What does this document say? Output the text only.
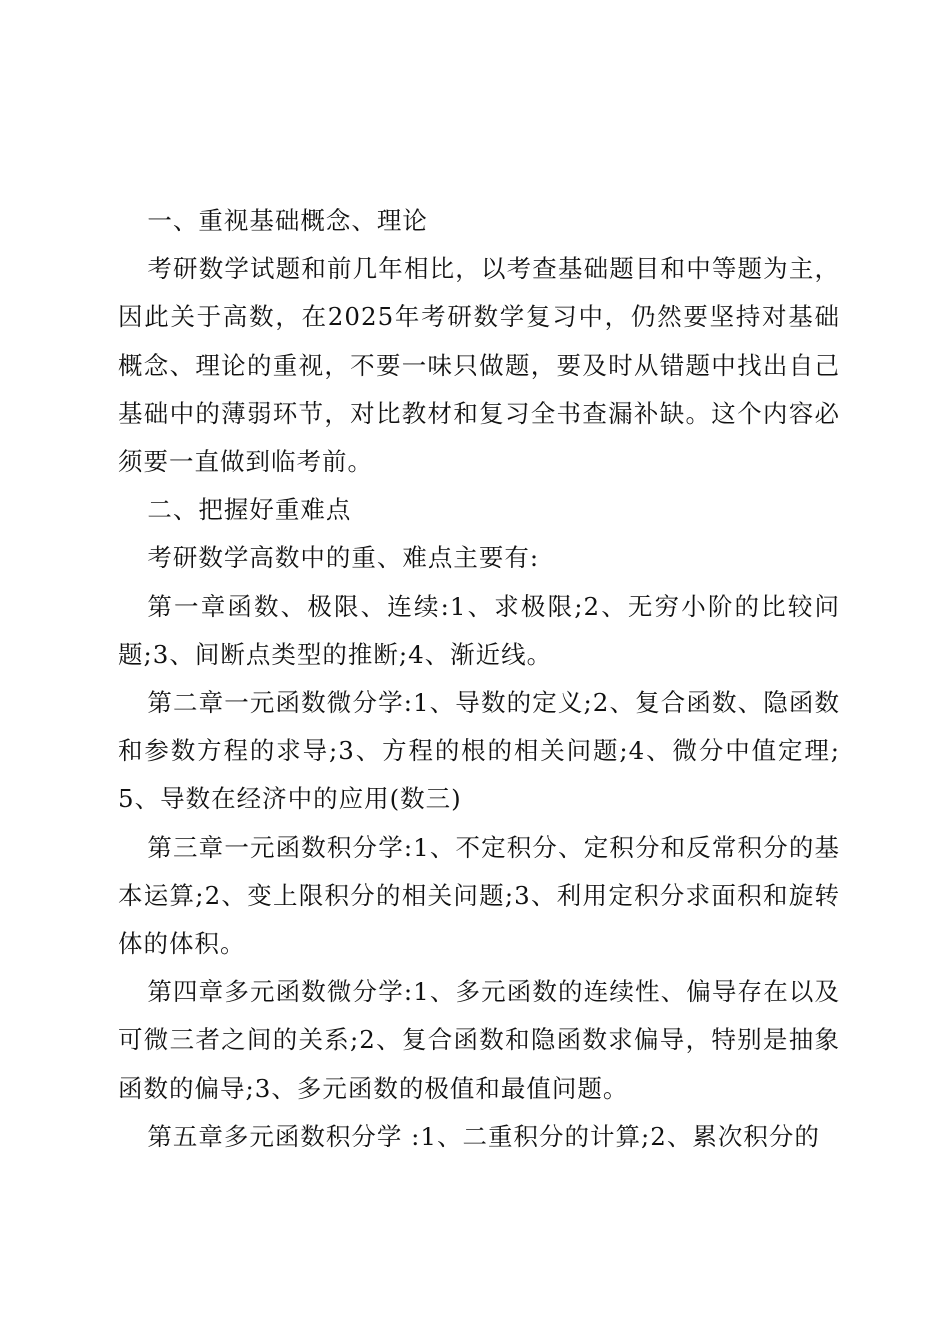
一、重视基础概念、理论

考研数学试题和前几年相比，以考查基础题目和中等题为主，因此关于高数，在2025年考研数学复习中，仍然要坚持对基础概念、理论的重视，不要一味只做题，要及时从错题中找出自己基础中的薄弱环节，对比教材和复习全书查漏补缺。这个内容必须要一直做到临考前。

二、把握好重难点

考研数学高数中的重、难点主要有:

第一章函数、极限、连续:1、求极限;2、无穷小阶的比较问题;3、间断点类型的推断;4、渐近线。

第二章一元函数微分学:1、导数的定义;2、复合函数、隐函数和参数方程的求导;3、方程的根的相关问题;4、微分中值定理;5、导数在经济中的应用(数三)

第三章一元函数积分学:1、不定积分、定积分和反常积分的基本运算;2、变上限积分的相关问题;3、利用定积分求面积和旋转体的体积。

第四章多元函数微分学:1、多元函数的连续性、偏导存在以及可微三者之间的关系;2、复合函数和隐函数求偏导，特别是抽象函数的偏导;3、多元函数的极值和最值问题。

第五章多元函数积分学 :1、二重积分的计算;2、累次积分的
